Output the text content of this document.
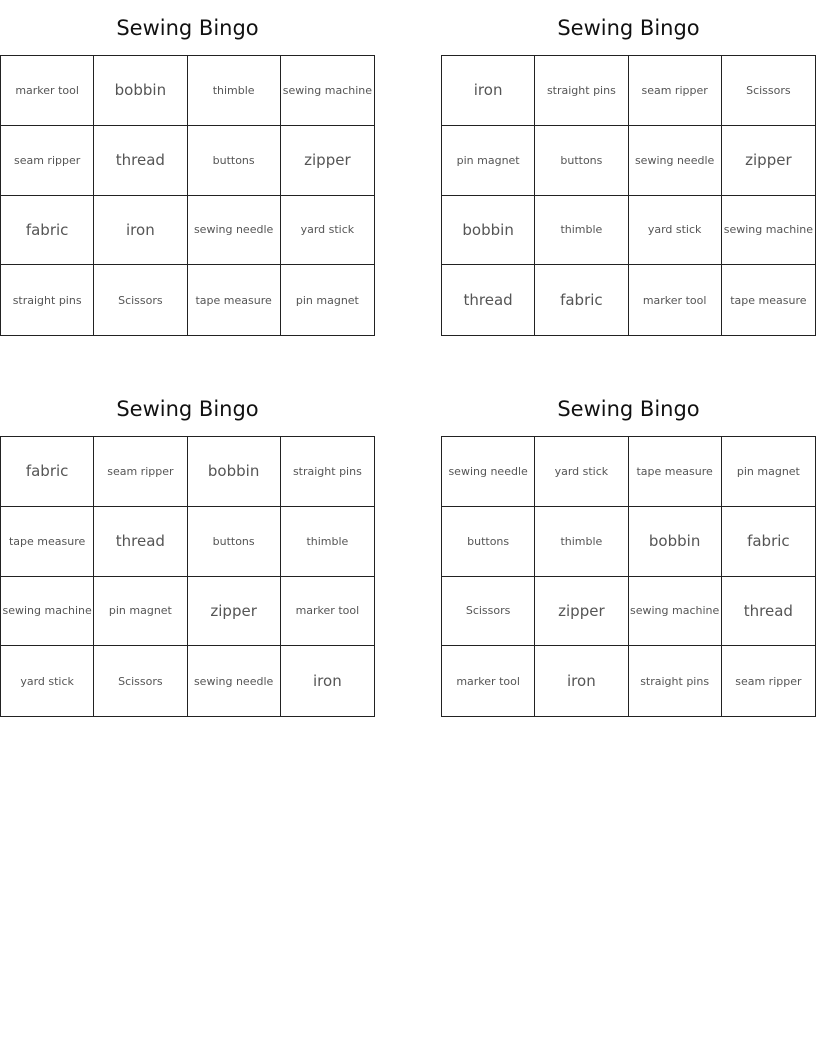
Sewing Bingo
marker tool	bobbin	thimble	sewing machine
seam ripper	thread	buttons	zipper
fabric	iron	sewing needle	yard stick
straight pins	Scissors	tape measure	pin magnet
Sewing Bingo
iron	straight pins	seam ripper	Scissors
pin magnet	buttons	sewing needle	zipper
bobbin	thimble	yard stick	sewing machine
thread	fabric	marker tool	tape measure
Sewing Bingo
fabric	seam ripper	bobbin	straight pins
tape measure	thread	buttons	thimble
sewing machine	pin magnet	zipper	marker tool
yard stick	Scissors	sewing needle	iron
Sewing Bingo
sewing needle	yard stick	tape measure	pin magnet
buttons	thimble	bobbin	fabric
Scissors	zipper	sewing machine	thread
marker tool	iron	straight pins	seam ripper
